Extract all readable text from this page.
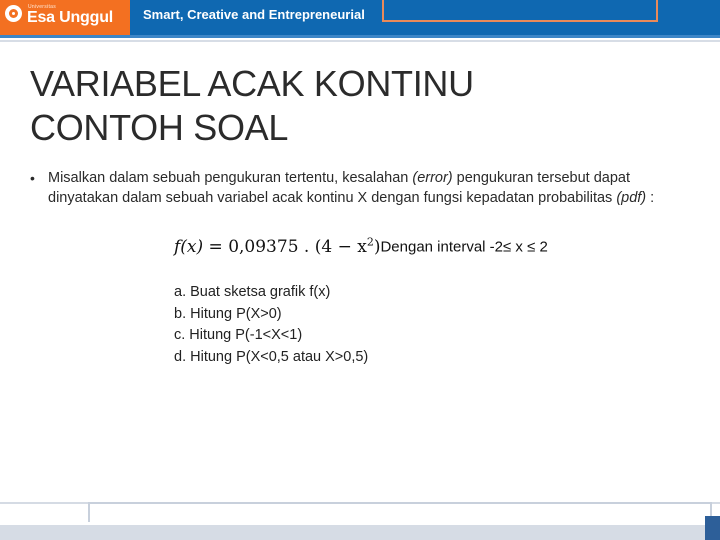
Universitas
Esa Unggul Smart, Creative and Entrepreneurial
VARIABEL ACAK KONTINU
CONTOH SOAL
• Misalkan dalam sebuah pengukuran tertentu, kesalahan (error) pengukuran tersebut dapat dinyatakan dalam sebuah variabel acak kontinu X dengan fungsi kepadatan probabilitas (pdf) :
f(x) = 0,09375 . $(4 - x^2)Dengan$ interval -2≤ x ≤ 2
a. Buat sketsa grafik f(x)
b. Hitung P(X>0)
c. Hitung P(-1<X<1)
d. Hitung P(X<0,5 atau X>0,5)
